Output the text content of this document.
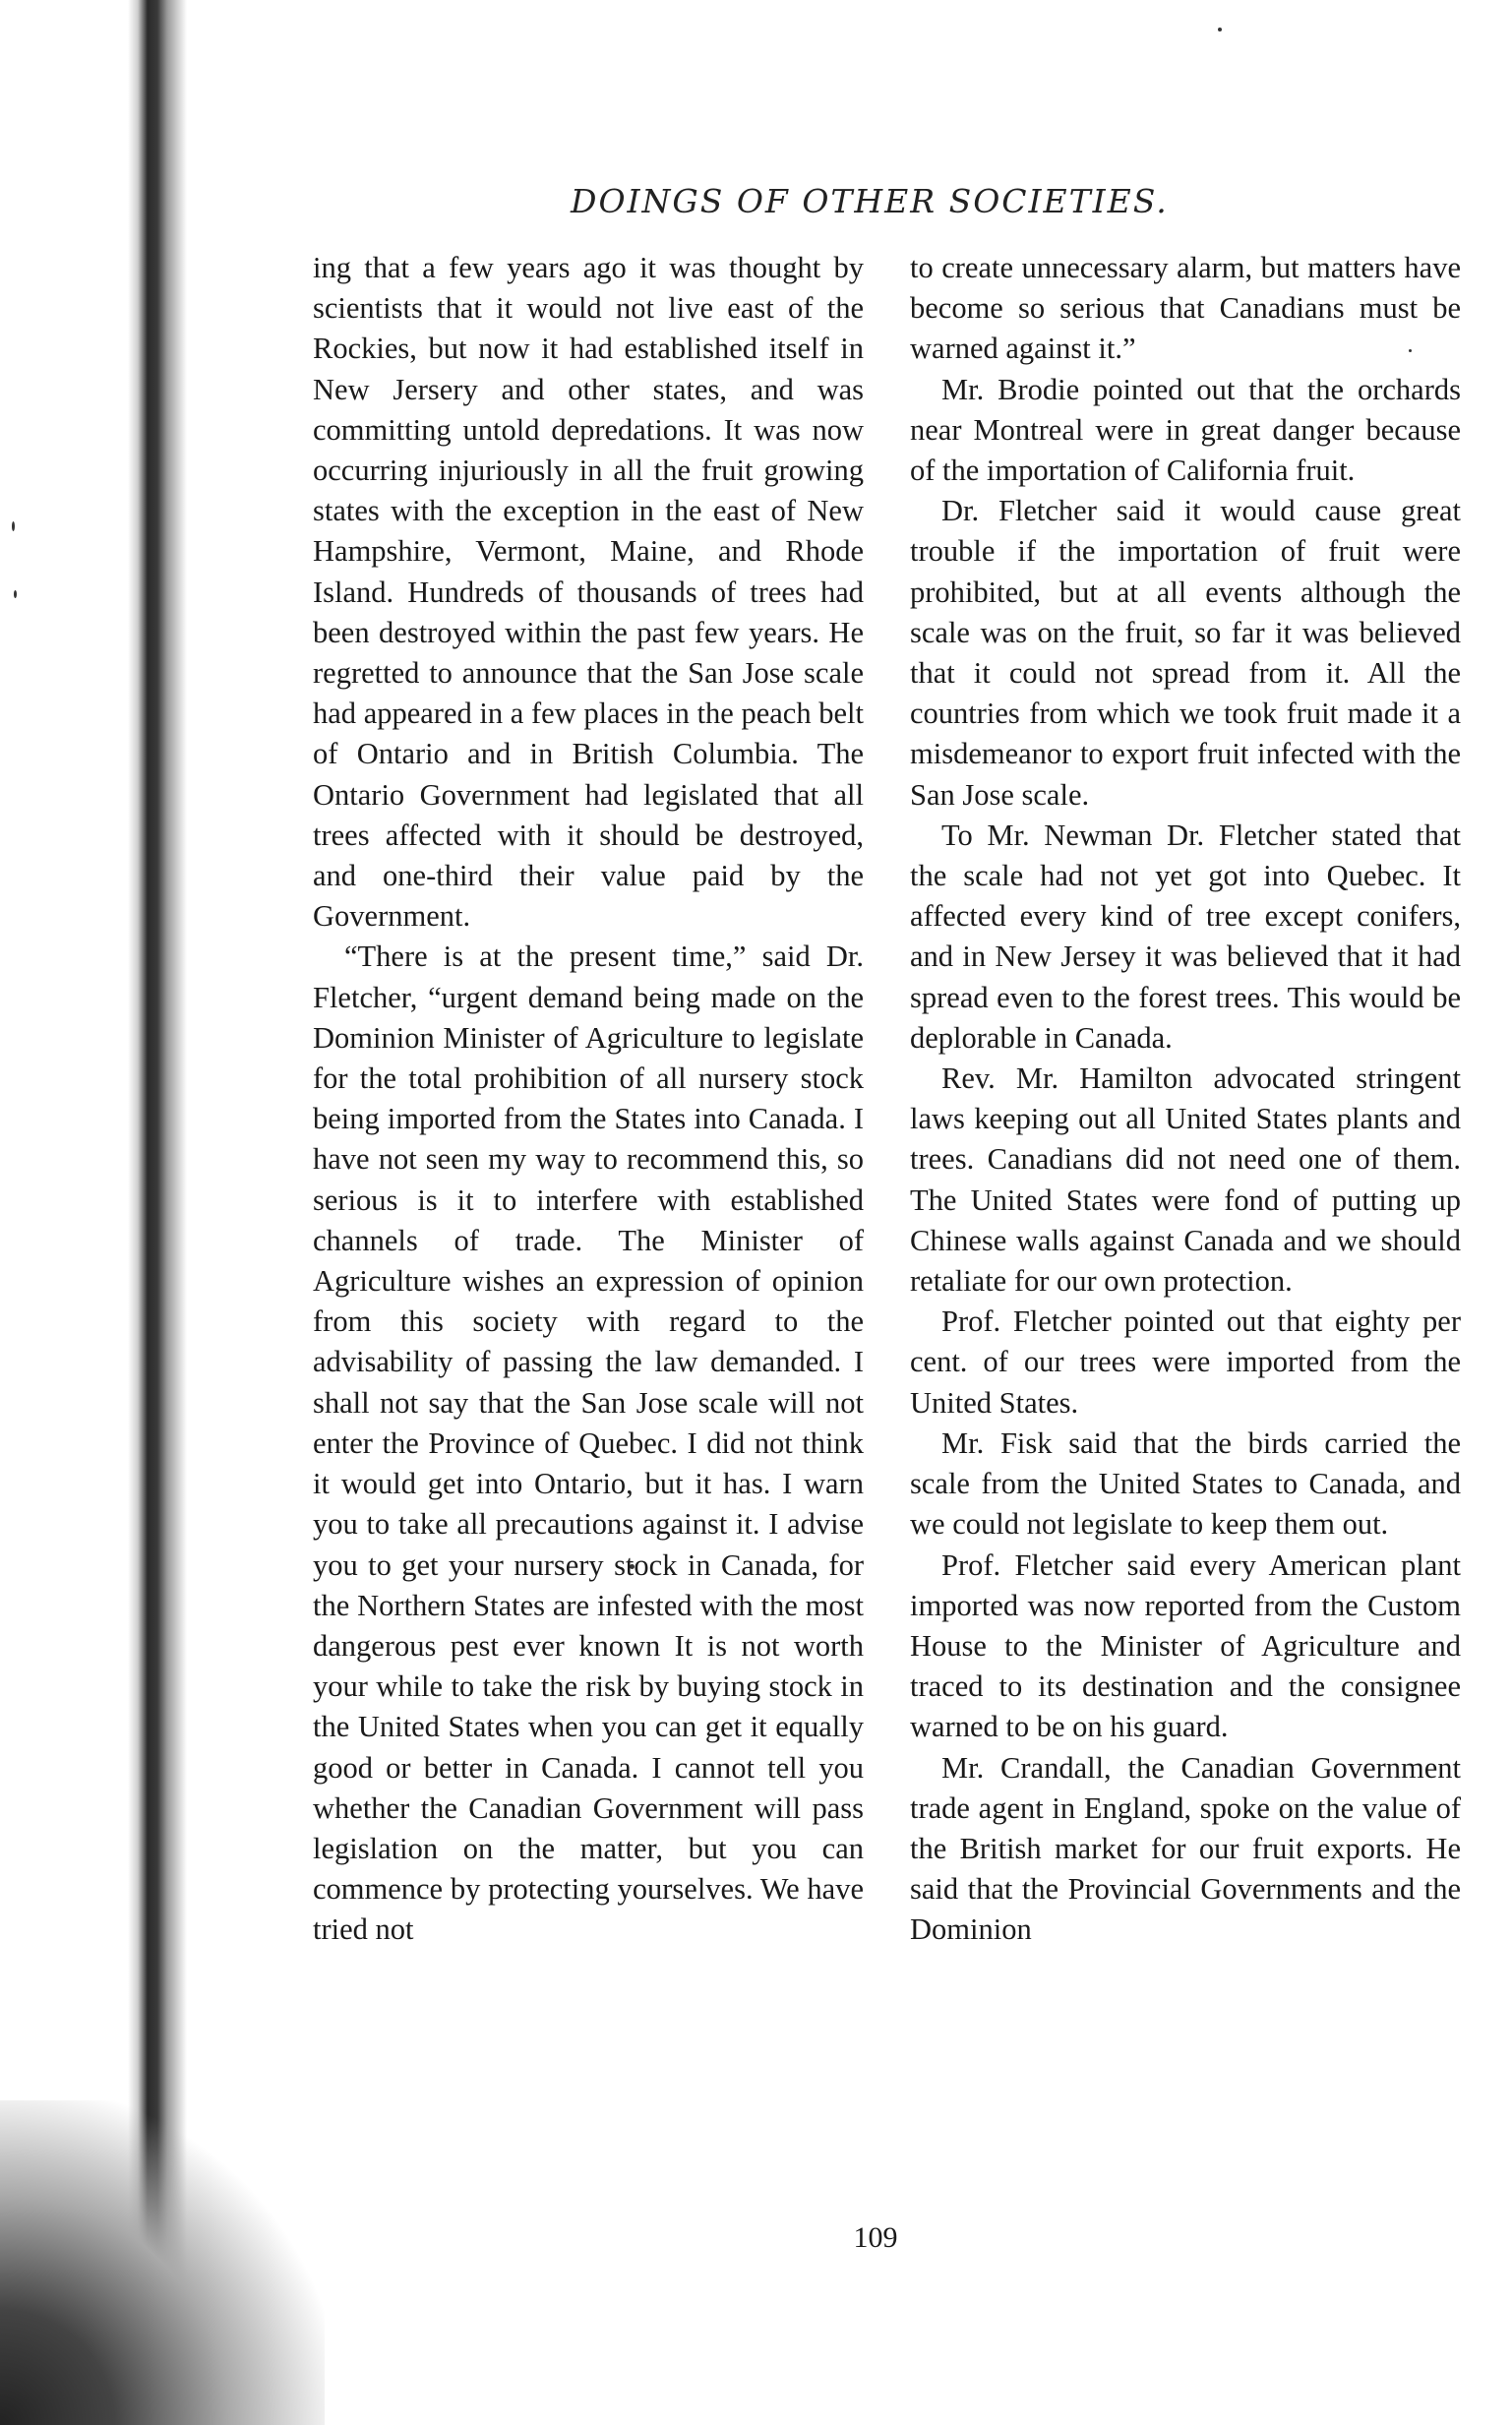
DOINGS OF OTHER SOCIETIES.

ing that a few years ago it was thought by scientists that it would not live east of the Rockies, but now it had established itself in New Jersery and other states, and was committing untold depredations. It was now occurring injuriously in all the fruit growing states with the exception in the east of New Hampshire, Vermont, Maine, and Rhode Island. Hundreds of thousands of trees had been destroyed within the past few years. He regretted to announce that the San Jose scale had appeared in a few places in the peach belt of Ontario and in British Columbia. The Ontario Government had legislated that all trees affected with it should be destroyed, and one-third their value paid by the Government.

“There is at the present time,” said Dr. Fletcher, “urgent demand being made on the Dominion Minister of Agriculture to legislate for the total prohibition of all nursery stock being imported from the States into Canada. I have not seen my way to recommend this, so serious is it to interfere with established channels of trade. The Minister of Agriculture wishes an expression of opinion from this society with regard to the advisability of passing the law demanded. I shall not say that the San Jose scale will not enter the Province of Quebec. I did not think it would get into Ontario, but it has. I warn you to take all precautions against it. I advise you to get your nursery stock in Canada, for the Northern States are infested with the most dangerous pest ever known It is not worth your while to take the risk by buying stock in the United States when you can get it equally good or better in Canada. I cannot tell you whether the Canadian Government will pass legislation on the matter, but you can commence by protecting yourselves. We have tried not

to create unnecessary alarm, but matters have become so serious that Canadians must be warned against it.”

Mr. Brodie pointed out that the orchards near Montreal were in great danger because of the importation of California fruit.

Dr. Fletcher said it would cause great trouble if the importation of fruit were prohibited, but at all events although the scale was on the fruit, so far it was believed that it could not spread from it. All the countries from which we took fruit made it a misdemeanor to export fruit infected with the San Jose scale.

To Mr. Newman Dr. Fletcher stated that the scale had not yet got into Quebec. It affected every kind of tree except conifers, and in New Jersey it was believed that it had spread even to the forest trees. This would be deplorable in Canada.

Rev. Mr. Hamilton advocated stringent laws keeping out all United States plants and trees. Canadians did not need one of them. The United States were fond of putting up Chinese walls against Canada and we should retaliate for our own protection.

Prof. Fletcher pointed out that eighty per cent. of our trees were imported from the United States.

Mr. Fisk said that the birds carried the scale from the United States to Canada, and we could not legislate to keep them out.

Prof. Fletcher said every American plant imported was now reported from the Custom House to the Minister of Agriculture and traced to its destination and the consignee warned to be on his guard.

Mr. Crandall, the Canadian Government trade agent in England, spoke on the value of the British market for our fruit exports. He said that the Provincial Governments and the Dominion

109
